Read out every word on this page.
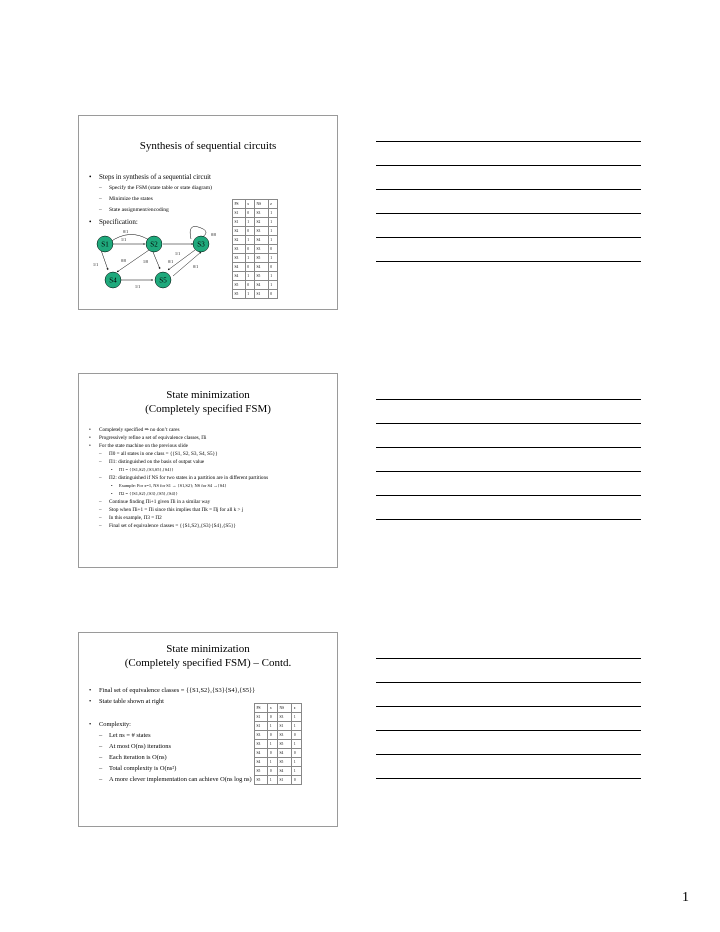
Synthesis of sequential circuits
• Steps in synthesis of a sequential circuit
– Specify the FSM (state table or state diagram)
– Minimize the states
– State assignment/encoding
• Specification:
0/1
1/1
0/0
1/1
0/0	1/0	0/1
1/1	0/1
1/1
S1	S2	S3
S4	S5
PS	x	NS	z
S1	0	S3	1
S1	1	S2	1
S2	0	S3	1
S2	1	S4	1
S3	0	S3	0
S3	1	S5	1
S4	0	S4	0
S4	1	S5	1
S5	0	S4	1
S5	1	S1	0
State minimization
(Completely specified FSM)
• Completely specified ⇒ no don’t cares
• Progressively refine a set of equivalence classes, Πi
• For the state machine on the previous slide
– Π0 = all states in one class = {{S1, S2, S3, S4, S5}}
– Π1: distinguished on the basis of output value
• Π1 = {{S1,S2},{S3,S5},{S4}}
– Π2: distinguished if NS for two states in a partition are in different partitions
• Example: For x=1, NS for S1 → {S1,S2}; NS for S4 →{S4}
• Π2 = {{S1,S2},{S3},{S5},{S4}}
– Continue finding Πi+1 given Πi in a similar way
– Stop when Πi+1 = Πi since this implies that Πk = Πj for all k > j
– In this example, Π3 = Π2
– Final set of equivalence classes = {{S1,S2},{S3}{S4},{S5}}
State minimization
(Completely specified FSM) – Contd.
• Final set of equivalence classes = {{S1,S2},{S3}{S4},{S5}}
• State table shown at right
• Complexity:
– Let ns = # states
– At most O(ns) iterations
– Each iteration is O(ns)
– Total complexity is O(ns²)
– A more clever implementation can achieve O(ns log ns)
PS	x	NS	z
S1	0	S3	1
S1	1	S1	1
S3	0	S3	0
S3	1	S5	1
S4	0	S4	0
S4	1	S5	1
S5	0	S4	1
S5	1	S1	0
1
